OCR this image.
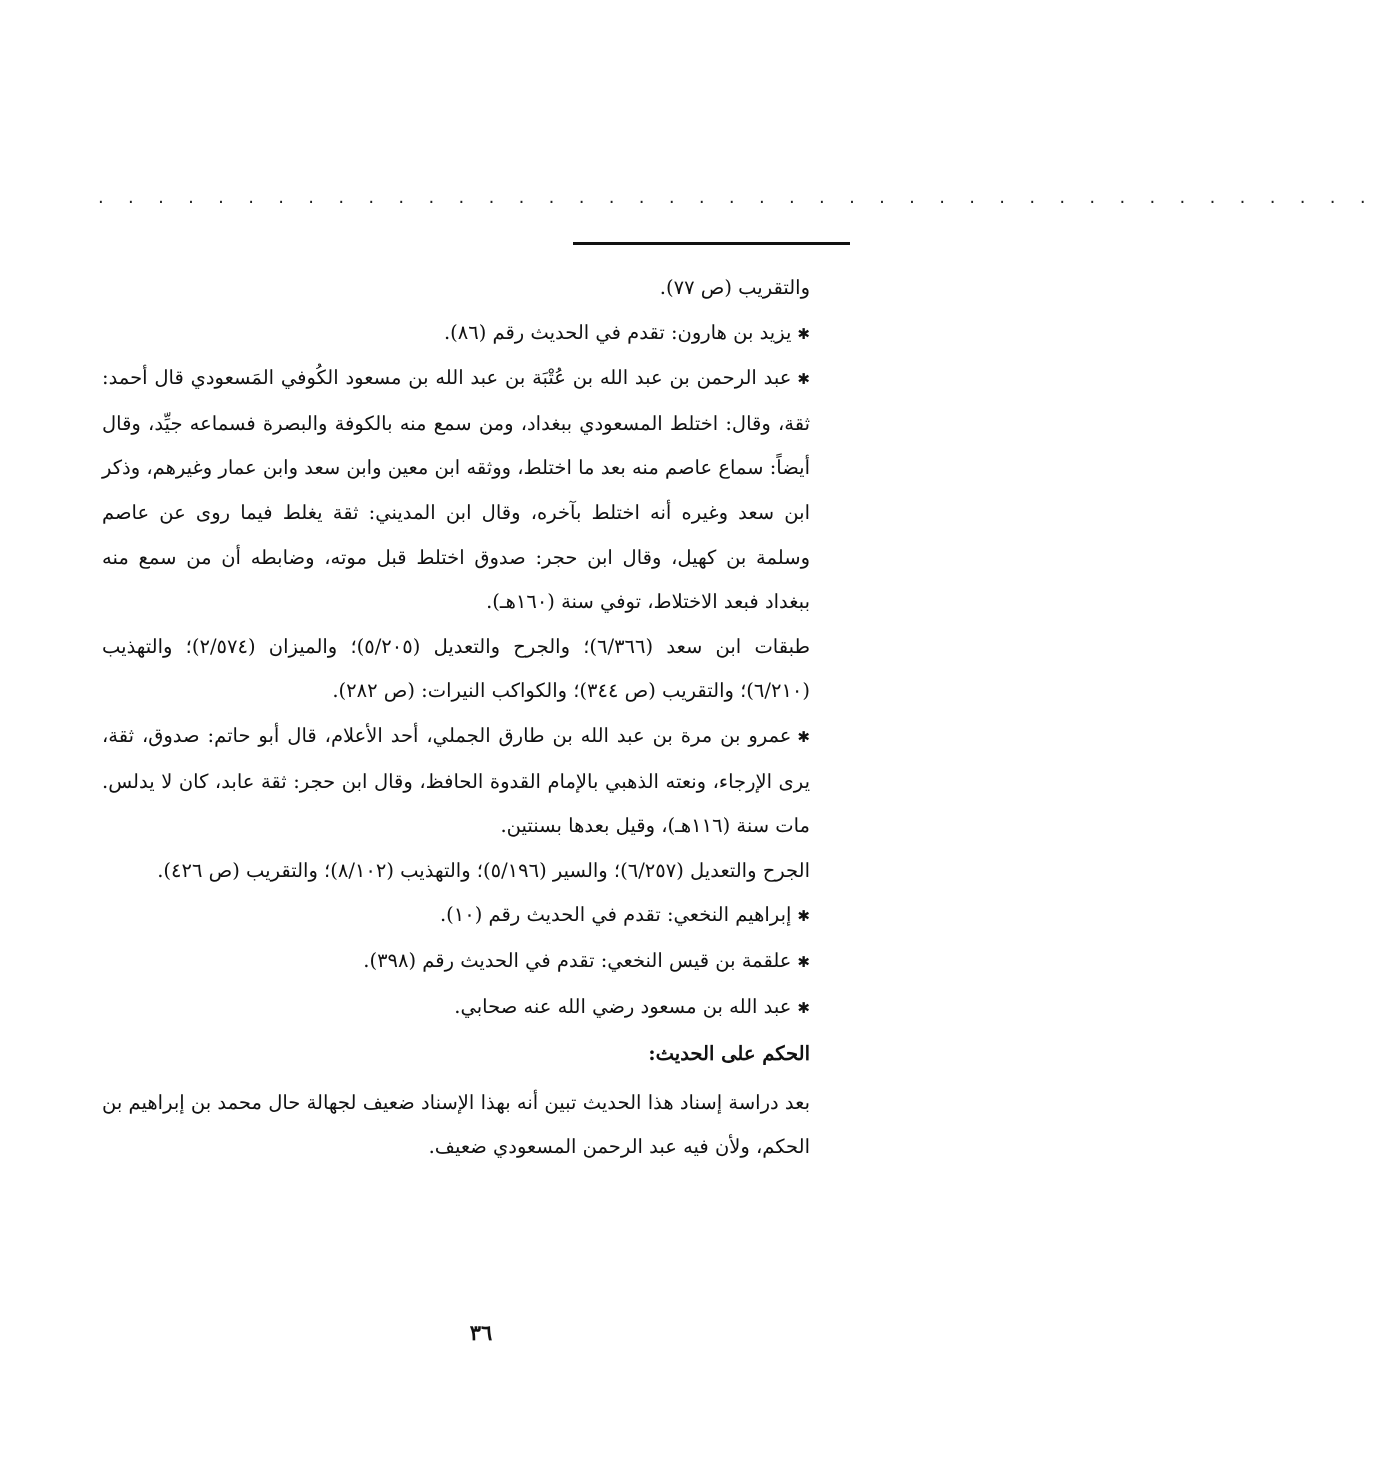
. . . . . . . . . . . . . . . . . . . . . . . . . . . . . . . . . . . . . . . . . . .

والتقريب (ص ٧٧).

✱يزيد بن هارون: تقدم في الحديث رقم (٨٦).

✱عبد الرحمن بن عبد الله بن عُتْبَة بن عبد الله بن مسعود الكُوفي المَسعودي قال أحمد: ثقة، وقال: اختلط المسعودي ببغداد، ومن سمع منه بالكوفة والبصرة فسماعه جيِّد، وقال أيضاً: سماع عاصم منه بعد ما اختلط، ووثقه ابن معين وابن سعد وابن عمار وغيرهم، وذكر ابن سعد وغيره أنه اختلط بآخره، وقال ابن المديني: ثقة يغلط فيما روى عن عاصم وسلمة بن كهيل، وقال ابن حجر: صدوق اختلط قبل موته، وضابطه أن من سمع منه ببغداد فبعد الاختلاط، توفي سنة (١٦٠هـ).

طبقات ابن سعد (٦/٣٦٦)؛ والجرح والتعديل (٥/٢٠٥)؛ والميزان (٢/٥٧٤)؛ والتهذيب (٦/٢١٠)؛ والتقريب (ص ٣٤٤)؛ والكواكب النيرات: (ص ٢٨٢).

✱عمرو بن مرة بن عبد الله بن طارق الجملي، أحد الأعلام، قال أبو حاتم: صدوق، ثقة، يرى الإرجاء، ونعته الذهبي بالإمام القدوة الحافظ، وقال ابن حجر: ثقة عابد، كان لا يدلس. مات سنة (١١٦هـ)، وقيل بعدها بسنتين.

الجرح والتعديل (٦/٢٥٧)؛ والسير (٥/١٩٦)؛ والتهذيب (٨/١٠٢)؛ والتقريب (ص ٤٢٦).

✱إبراهيم النخعي: تقدم في الحديث رقم (١٠).

✱علقمة بن قيس النخعي: تقدم في الحديث رقم (٣٩٨).

✱عبد الله بن مسعود رضي الله عنه صحابي.

الحكم على الحديث:

بعد دراسة إسناد هذا الحديث تبين أنه بهذا الإسناد ضعيف لجهالة حال محمد بن إبراهيم بن الحكم، ولأن فيه عبد الرحمن المسعودي ضعيف.

٣٦
